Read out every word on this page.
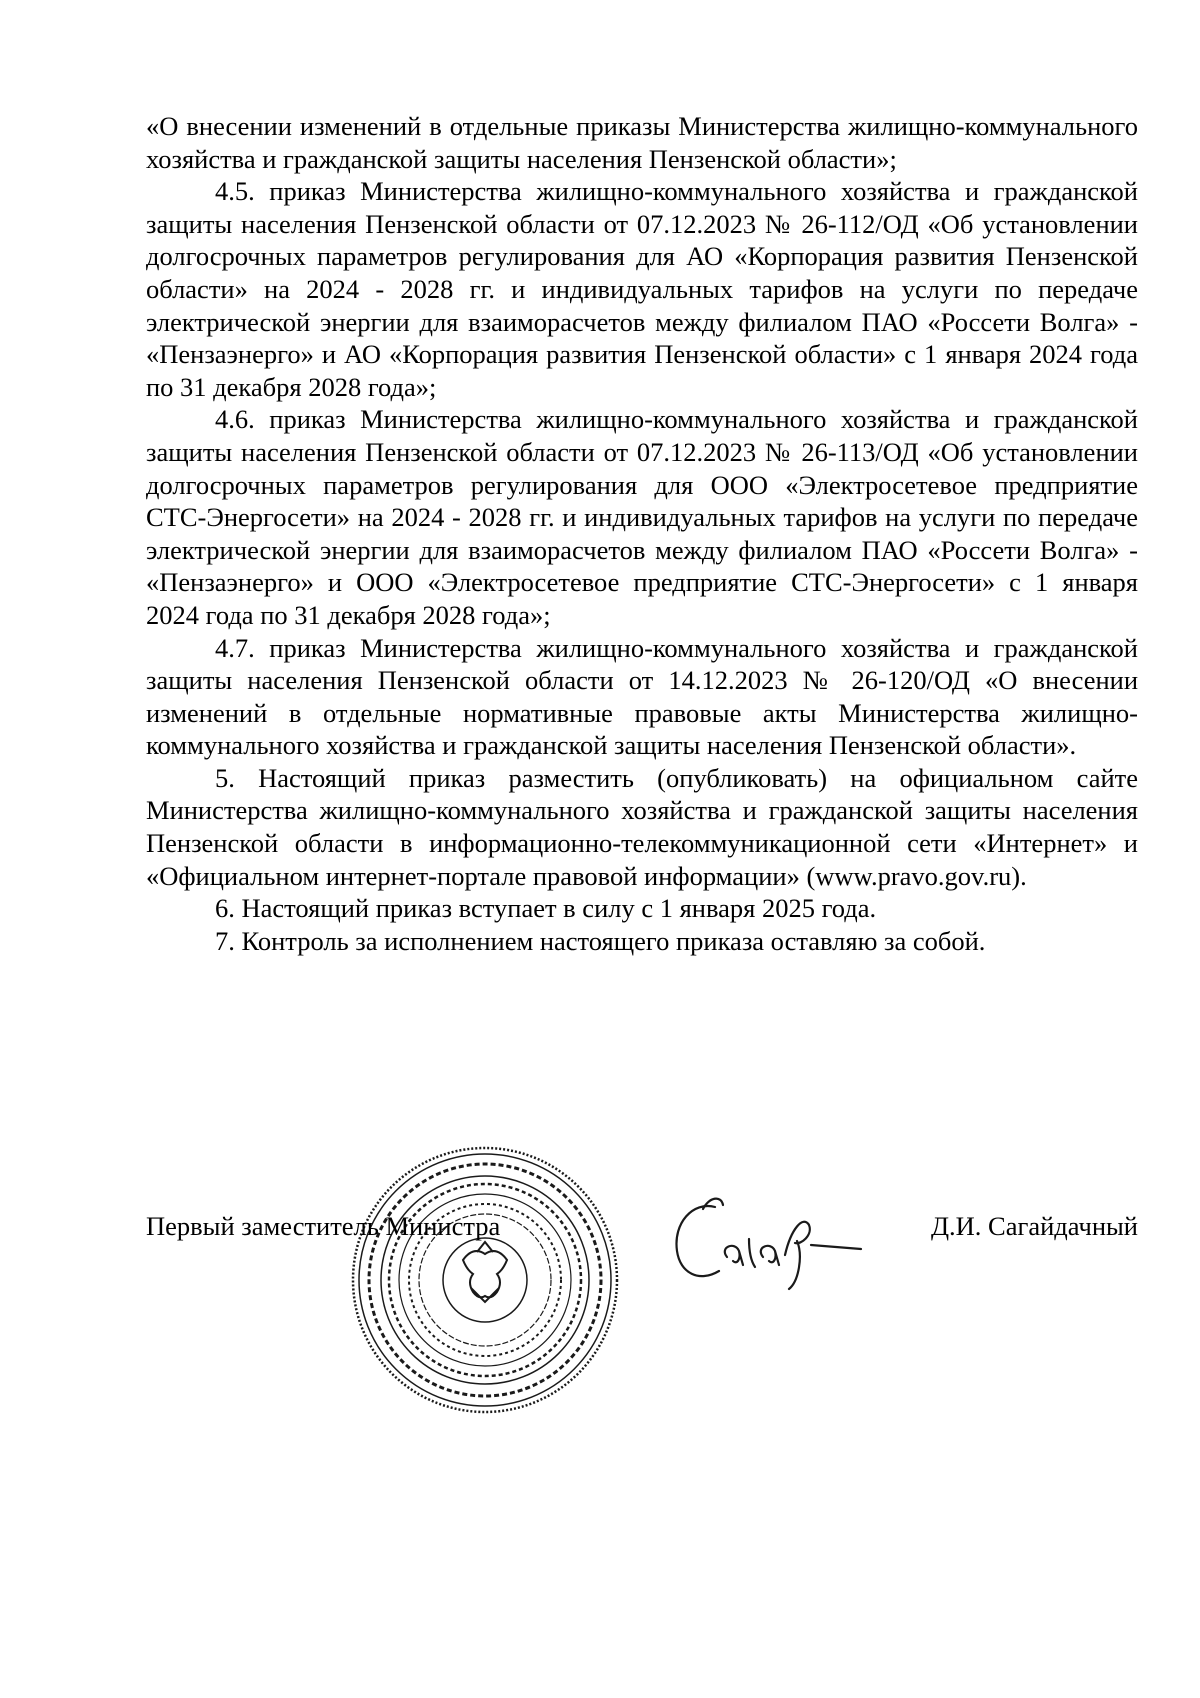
«О внесении изменений в отдельные приказы Министерства жилищно-коммунального хозяйства и гражданской защиты населения Пензенской области»;

4.5. приказ Министерства жилищно-коммунального хозяйства и гражданской защиты населения Пензенской области от 07.12.2023 № 26-112/ОД «Об установлении долгосрочных параметров регулирования для АО «Корпорация развития Пензенской области» на 2024 - 2028 гг. и индивидуальных тарифов на услуги по передаче электрической энергии для взаиморасчетов между филиалом ПАО «Россети Волга» - «Пензаэнерго» и АО «Корпорация развития Пензенской области» с 1 января 2024 года по 31 декабря 2028 года»;

4.6. приказ Министерства жилищно-коммунального хозяйства и гражданской защиты населения Пензенской области от 07.12.2023 № 26-113/ОД «Об установлении долгосрочных параметров регулирования для ООО «Электросетевое предприятие СТС-Энергосети» на 2024 - 2028 гг. и индивидуальных тарифов на услуги по передаче электрической энергии для взаиморасчетов между филиалом ПАО «Россети Волга» - «Пензаэнерго» и ООО «Электросетевое предприятие СТС-Энергосети» с 1 января 2024 года по 31 декабря 2028 года»;

4.7. приказ Министерства жилищно-коммунального хозяйства и гражданской защиты населения Пензенской области от 14.12.2023 № 26-120/ОД «О внесении изменений в отдельные нормативные правовые акты Министерства жилищно-коммунального хозяйства и гражданской защиты населения Пензенской области».

5. Настоящий приказ разместить (опубликовать) на официальном сайте Министерства жилищно-коммунального хозяйства и гражданской защиты населения Пензенской области в информационно-телекоммуникационной сети «Интернет» и «Официальном интернет-портале правовой информации» (www.pravo.gov.ru).

6. Настоящий приказ вступает в силу с 1 января 2025 года.

7. Контроль за исполнением настоящего приказа оставляю за собой.

Первый заместитель Министра	Д.И. Сагайдачный
